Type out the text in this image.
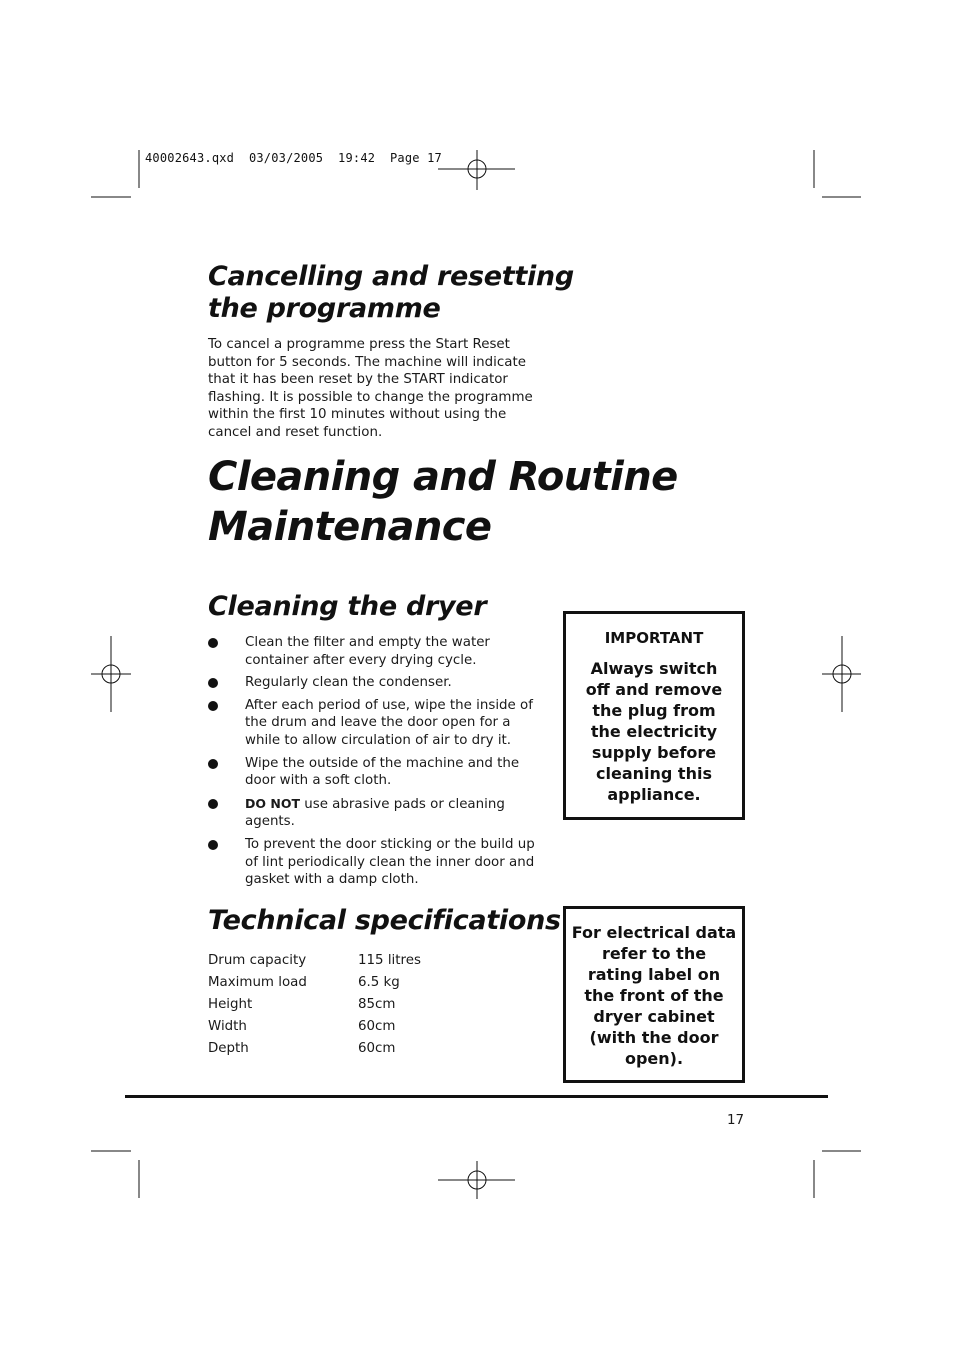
40002643.qxd  03/03/2005  19:42  Page 17
Cancelling and resetting
the programme
To cancel a programme press the Start Reset
button for 5 seconds. The machine will indicate
that it has been reset by the START indicator
flashing. It is possible to change the programme
within the first 10 minutes without using the
cancel and reset function.
Cleaning and Routine
Maintenance
Cleaning the dryer
Clean the filter and empty the water
container after every drying cycle.
Regularly clean the condenser.
After each period of use, wipe the inside of
the drum and leave the door open for a
while to allow circulation of air to dry it.
Wipe the outside of the machine and the
door with a soft cloth.
DO NOT use abrasive pads or cleaning
agents.
To prevent the door sticking or the build up
of lint periodically clean the inner door and
gasket with a damp cloth.
IMPORTANT
Always switch
off and remove
the plug from
the electricity
supply before
cleaning this
appliance.
Technical specifications
Drum capacity	115 litres
Maximum load	6.5 kg
Height	85cm
Width	60cm
Depth	60cm
For electrical data
refer to the
rating label on
the front of the
dryer cabinet
(with the door
open).
17
